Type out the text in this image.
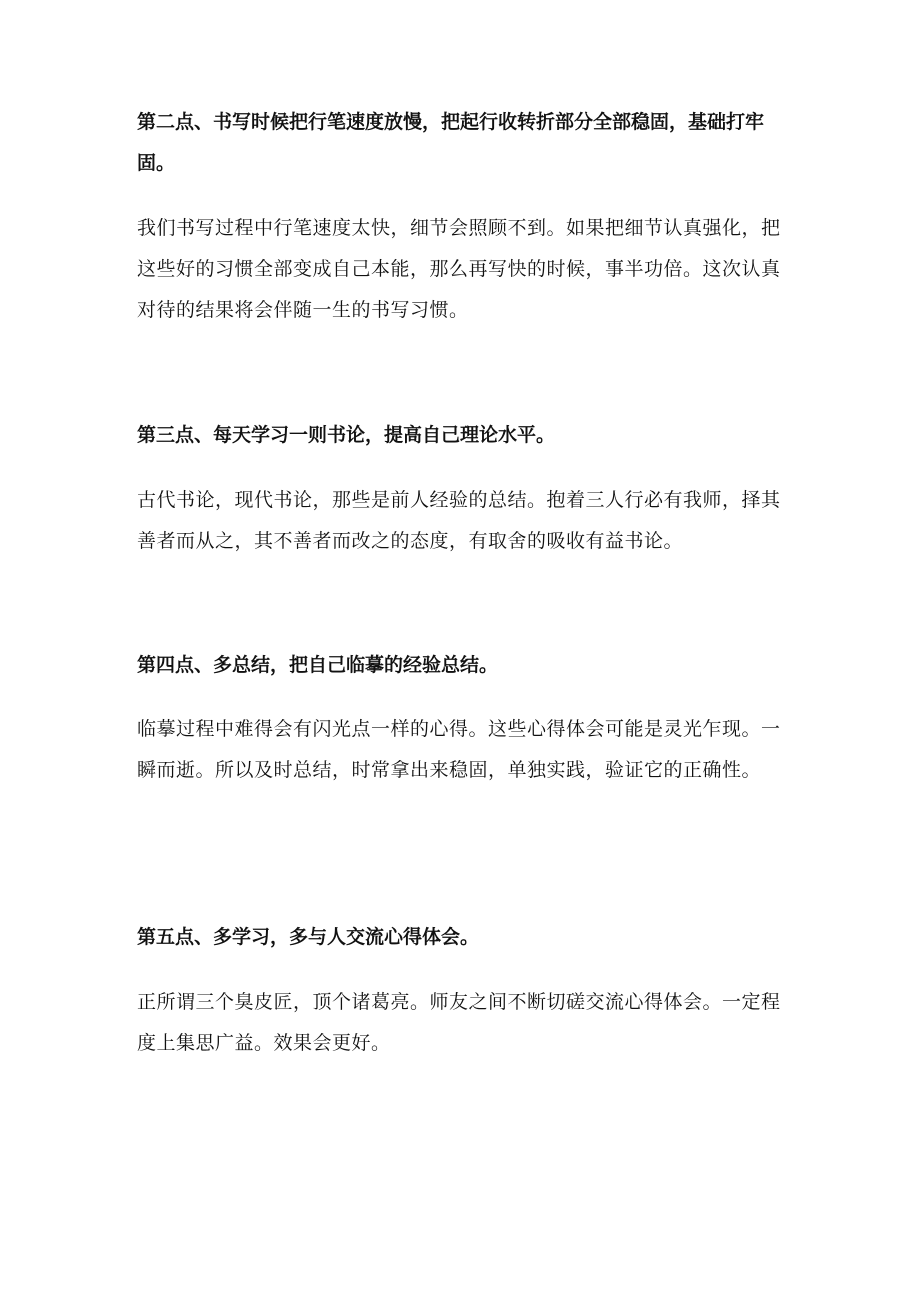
第二点、书写时候把行笔速度放慢，把起行收转折部分全部稳固，基础打牢固。

我们书写过程中行笔速度太快，细节会照顾不到。如果把细节认真强化，把这些好的习惯全部变成自己本能，那么再写快的时候，事半功倍。这次认真对待的结果将会伴随一生的书写习惯。

第三点、每天学习一则书论，提高自己理论水平。

古代书论，现代书论，那些是前人经验的总结。抱着三人行必有我师，择其善者而从之，其不善者而改之的态度，有取舍的吸收有益书论。

第四点、多总结，把自己临摹的经验总结。

临摹过程中难得会有闪光点一样的心得。这些心得体会可能是灵光乍现。一瞬而逝。所以及时总结，时常拿出来稳固，单独实践，验证它的正确性。

第五点、多学习，多与人交流心得体会。

正所谓三个臭皮匠，顶个诸葛亮。师友之间不断切磋交流心得体会。一定程度上集思广益。效果会更好。
